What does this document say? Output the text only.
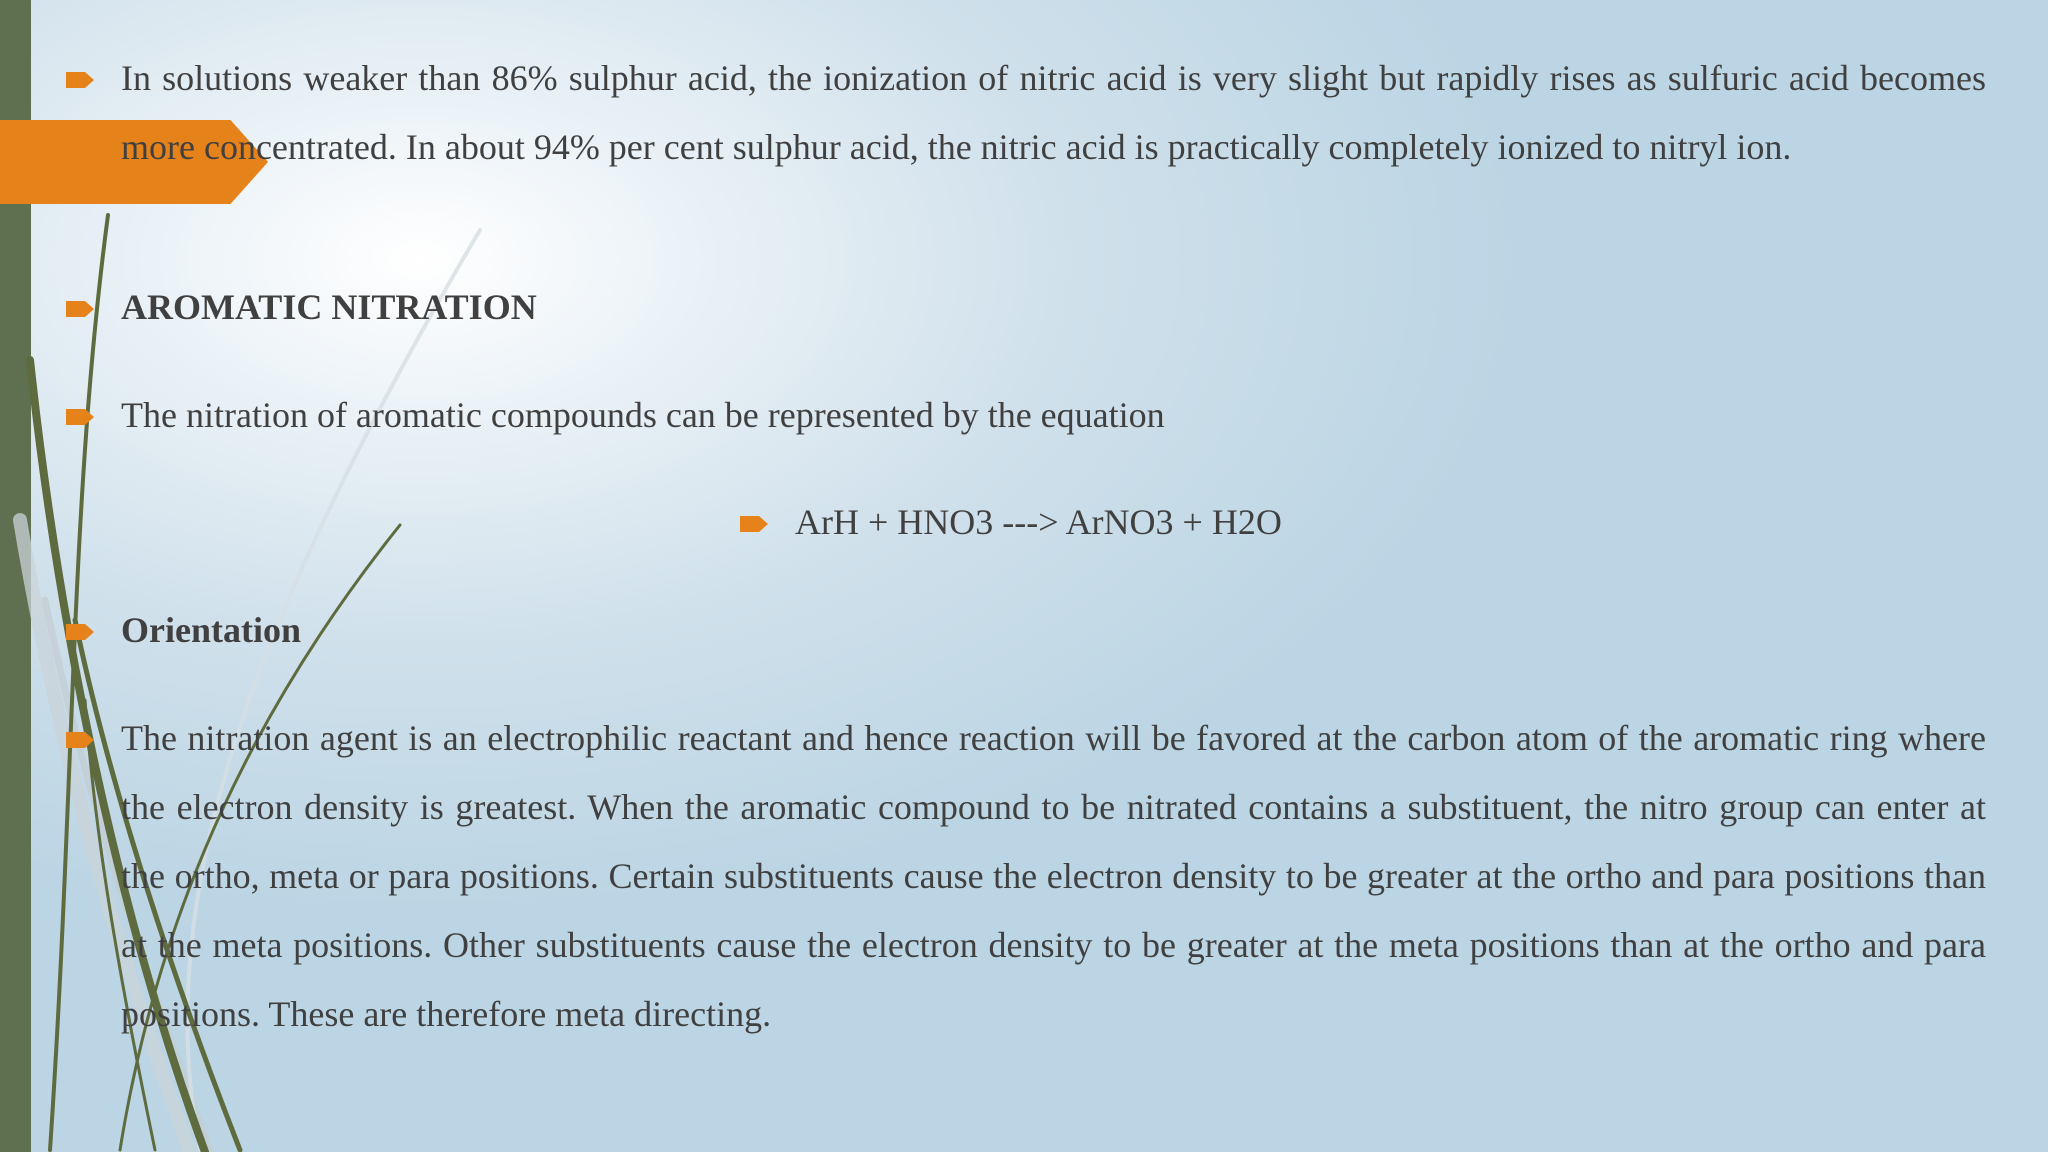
In solutions weaker than 86% sulphur acid, the ionization of nitric acid is very slight but rapidly rises as sulfuric acid becomes more concentrated. In about 94% per cent sulphur acid, the nitric acid is practically completely ionized to nitryl ion.
AROMATIC NITRATION
The nitration of aromatic compounds can be represented by the equation
ArH + HNO3 ---> ArNO3 + H2O
Orientation
The nitration agent is an electrophilic reactant and hence reaction will be favored at the carbon atom of the aromatic ring where the electron density is greatest. When the aromatic compound to be nitrated contains a substituent, the nitro group can enter at the ortho, meta or para positions. Certain substituents cause the electron density to be greater at the ortho and para positions than at the meta positions. Other substituents cause the electron density to be greater at the meta positions than at the ortho and para positions. These are therefore meta directing.
